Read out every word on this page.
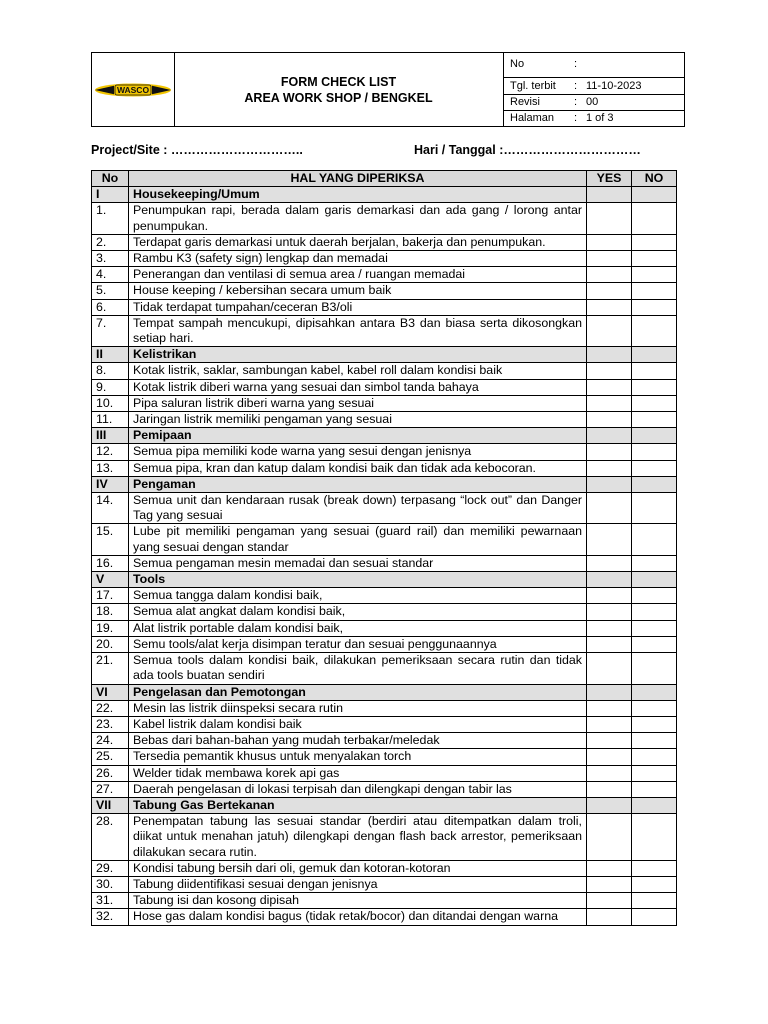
WASCO
FORM CHECK LIST
AREA WORK SHOP / BENGKEL
No	:
Tgl. terbit : 11-10-2023
Revisi	: 00
Halaman : 1 of 3
Project/Site : …………………………..	Hari / Tanggal :……………………………
No	HAL YANG DIPERIKSA	YES	NO
I	Housekeeping/Umum		
1.	Penumpukan rapi, berada dalam garis demarkasi dan ada gang / lorong antar penumpukan.		
2.	Terdapat garis demarkasi untuk daerah berjalan, bakerja dan penumpukan.		
3.	Rambu K3 (safety sign) lengkap dan memadai		
4.	Penerangan dan ventilasi di semua area / ruangan memadai		
5.	House keeping / kebersihan secara umum baik		
6.	Tidak terdapat tumpahan/ceceran B3/oli		
7.	Tempat sampah mencukupi, dipisahkan antara B3 dan biasa serta dikosongkan setiap hari.		
II	Kelistrikan		
8.	Kotak listrik, saklar, sambungan kabel, kabel roll dalam kondisi baik		
9.	Kotak listrik diberi warna yang sesuai dan simbol tanda bahaya		
10.	Pipa saluran listrik diberi warna yang sesuai		
11.	Jaringan listrik memiliki pengaman yang sesuai		
III	Pemipaan		
12.	Semua pipa memiliki kode warna yang sesui dengan jenisnya		
13.	Semua pipa, kran dan katup dalam kondisi baik dan tidak ada kebocoran.		
IV	Pengaman		
14.	Semua unit dan kendaraan rusak (break down) terpasang “lock out” dan Danger Tag yang sesuai		
15.	Lube pit memiliki pengaman yang sesuai (guard rail) dan memiliki pewarnaan yang sesuai dengan standar		
16.	Semua pengaman mesin memadai dan sesuai standar		
V	Tools		
17.	Semua tangga dalam kondisi baik,		
18.	Semua alat angkat dalam kondisi baik,		
19.	Alat listrik portable dalam kondisi baik,		
20.	Semu tools/alat kerja disimpan teratur dan sesuai penggunaannya		
21.	Semua tools dalam kondisi baik, dilakukan pemeriksaan secara rutin dan tidak ada tools buatan sendiri		
VI	Pengelasan dan Pemotongan		
22.	Mesin las listrik diinspeksi secara rutin		
23.	Kabel listrik dalam kondisi baik		
24.	Bebas dari bahan-bahan yang mudah terbakar/meledak		
25.	Tersedia pemantik khusus untuk menyalakan torch		
26.	Welder tidak membawa korek api gas		
27.	Daerah pengelasan di lokasi terpisah dan dilengkapi dengan tabir las		
VII	Tabung Gas Bertekanan		
28.	Penempatan tabung las sesuai standar (berdiri atau ditempatkan dalam troli, diikat untuk menahan jatuh) dilengkapi dengan flash back arrestor, pemeriksaan dilakukan secara rutin.		
29.	Kondisi tabung bersih dari oli, gemuk dan kotoran-kotoran		
30.	Tabung diidentifikasi sesuai dengan jenisnya		
31.	Tabung isi dan kosong dipisah		
32.	Hose gas dalam kondisi bagus (tidak retak/bocor) dan ditandai dengan warna		
